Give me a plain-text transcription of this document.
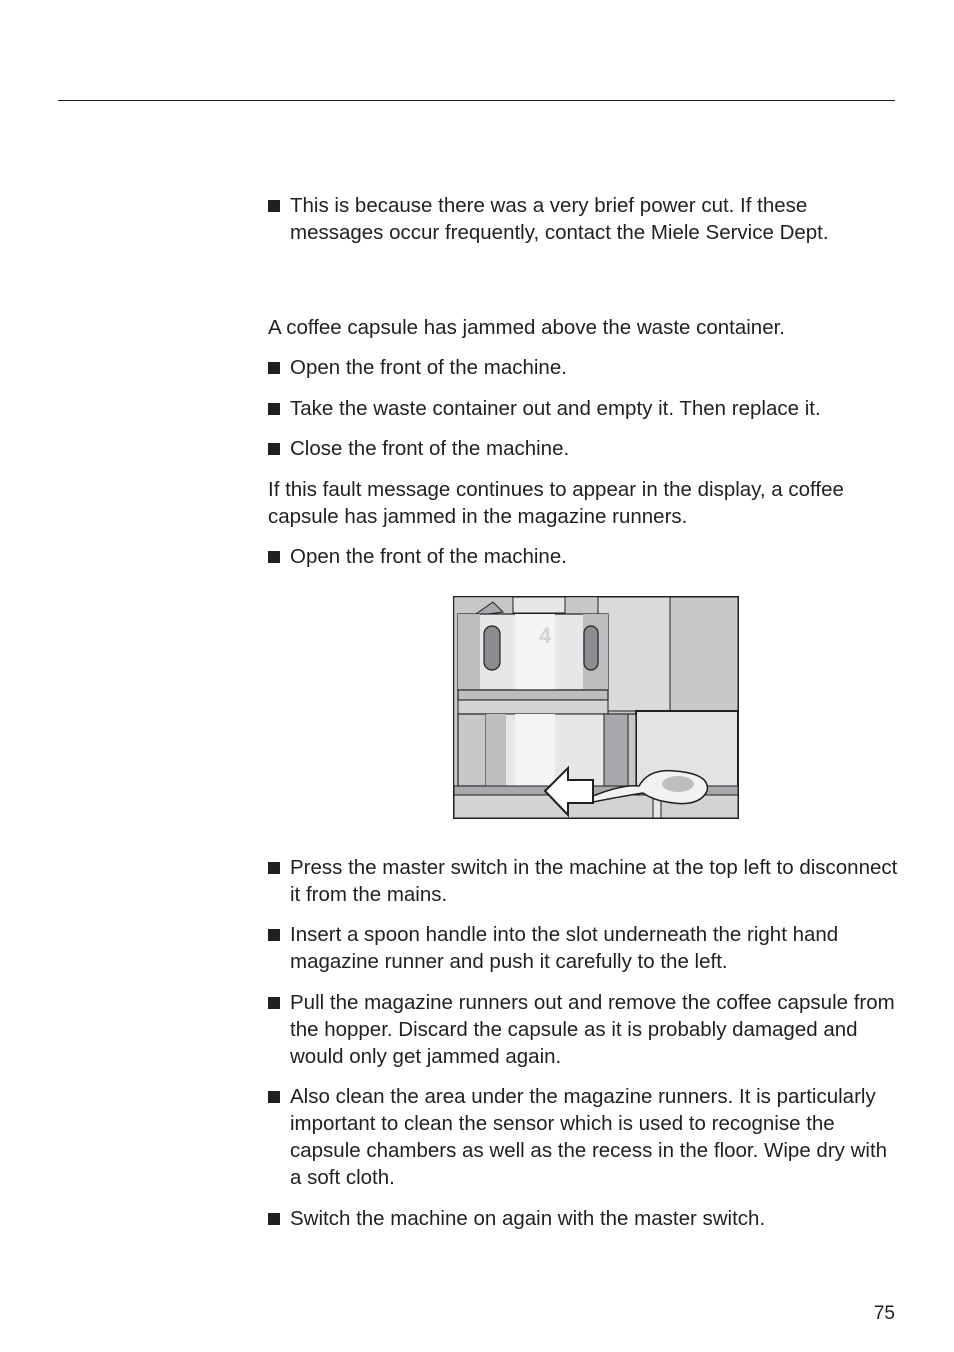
This is because there was a very brief power cut. If these messages occur frequently, contact the Miele Service Dept.
A coffee capsule has jammed above the waste container.
Open the front of the machine.
Take the waste container out and empty it. Then replace it.
Close the front of the machine.
If this fault message continues to appear in the display, a coffee capsule has jammed in the magazine runners.
Open the front of the machine.
4
Press the master switch in the machine at the top left to disconnect it from the mains.
Insert a spoon handle into the slot underneath the right hand magazine runner and push it carefully to the left.
Pull the magazine runners out and remove the coffee capsule from the hopper. Discard the capsule as it is probably damaged and would only get jammed again.
Also clean the area under the magazine runners. It is particularly important to clean the sensor which is used to recognise the capsule chambers as well as the recess in the floor. Wipe dry with a soft cloth.
Switch the machine on again with the master switch.
75
